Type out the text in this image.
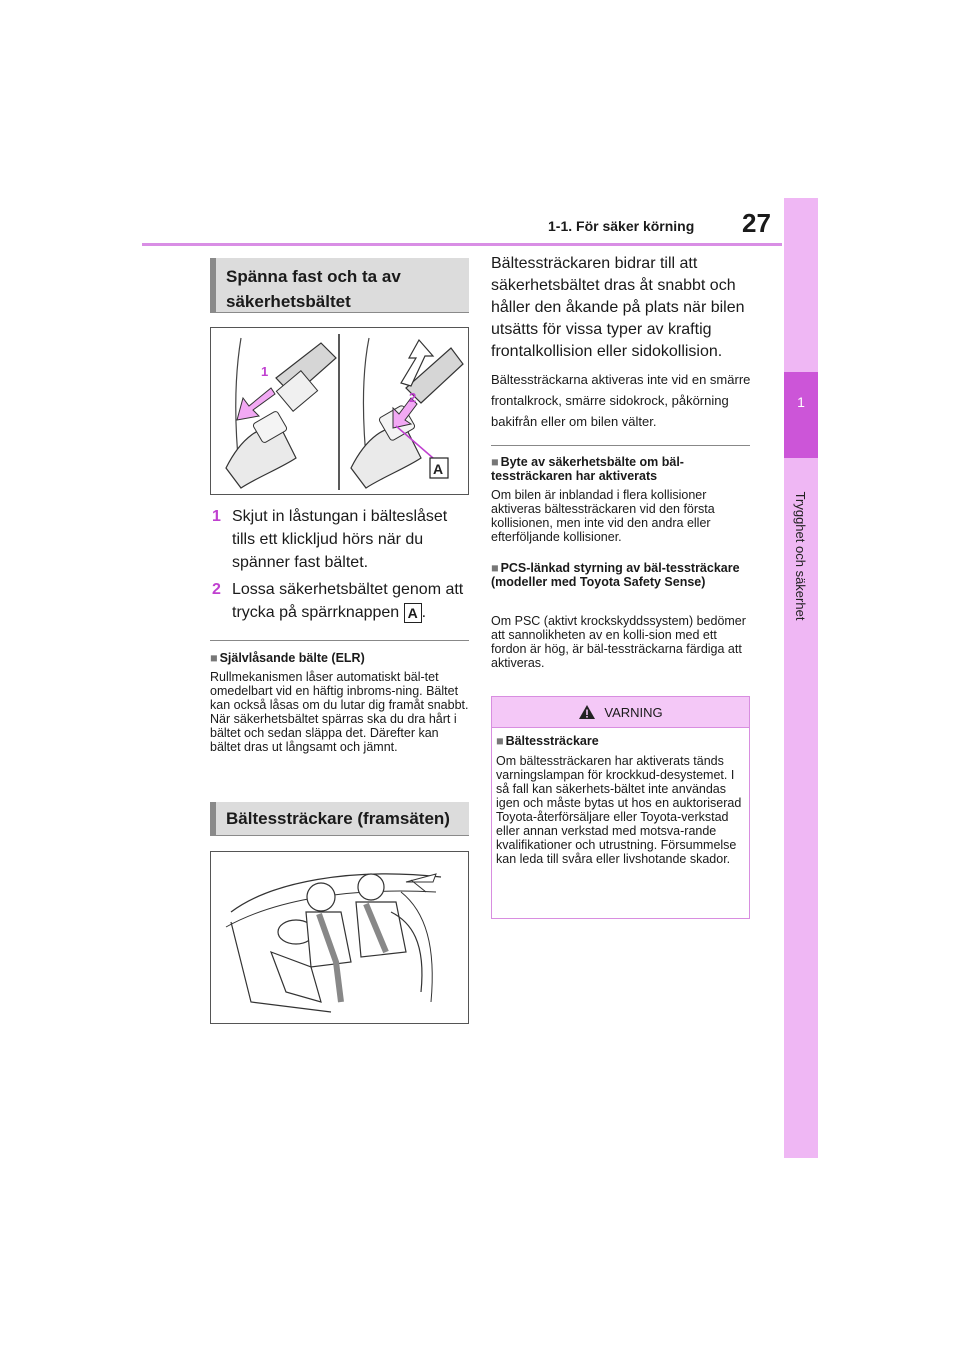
1-1. För säker körning 27
1
Trygghet och säkerhet
Spänna fast och ta av säkerhetsbältet
1
2
A
1 Skjut in låstungan i bälteslåset tills ett klickljud hörs när du spänner fast bältet.
2 Lossa säkerhetsbältet genom att trycka på spärrknappen A .
■ Självlåsande bälte (ELR)
Rullmekanismen låser automatiskt bäl-tet omedelbart vid en häftig inbroms-ning. Bältet kan också låsas om du lutar dig framåt snabbt. När säkerhetsbältet spärras ska du dra hårt i bältet och sedan släppa det. Därefter kan bältet dras ut långsamt och jämnt.
Bältessträckare (framsäten)
Bältessträckaren bidrar till att säkerhetsbältet dras åt snabbt och håller den åkande på plats när bilen utsätts för vissa typer av kraftig frontalkollision eller sidokollision.
Bältessträckarna aktiveras inte vid en smärre frontalkrock, smärre sidokrock, påkörning bakifrån eller om bilen välter.
■ Byte av säkerhetsbälte om bäl-tessträckaren har aktiverats
Om bilen är inblandad i flera kollisioner aktiveras bältessträckaren vid den första kollisionen, men inte vid den andra eller efterföljande kollisioner.
■ PCS-länkad styrning av bäl-tessträckare (modeller med Toyota Safety Sense)
Om PSC (aktivt krockskyddssystem) bedömer att sannolikheten av en kolli-sion med ett fordon är hög, är bäl-tessträckarna färdiga att aktiveras.
VARNING
■ Bältessträckare
Om bältessträckaren har aktiverats tänds varningslampan för krockkud-desystemet. I så fall kan säkerhets-bältet inte användas igen och måste bytas ut hos en auktoriserad Toyota-återförsäljare eller Toyota-verkstad eller annan verkstad med motsva-rande kvalifikationer och utrustning. Försummelse kan leda till svåra eller livshotande skador.
